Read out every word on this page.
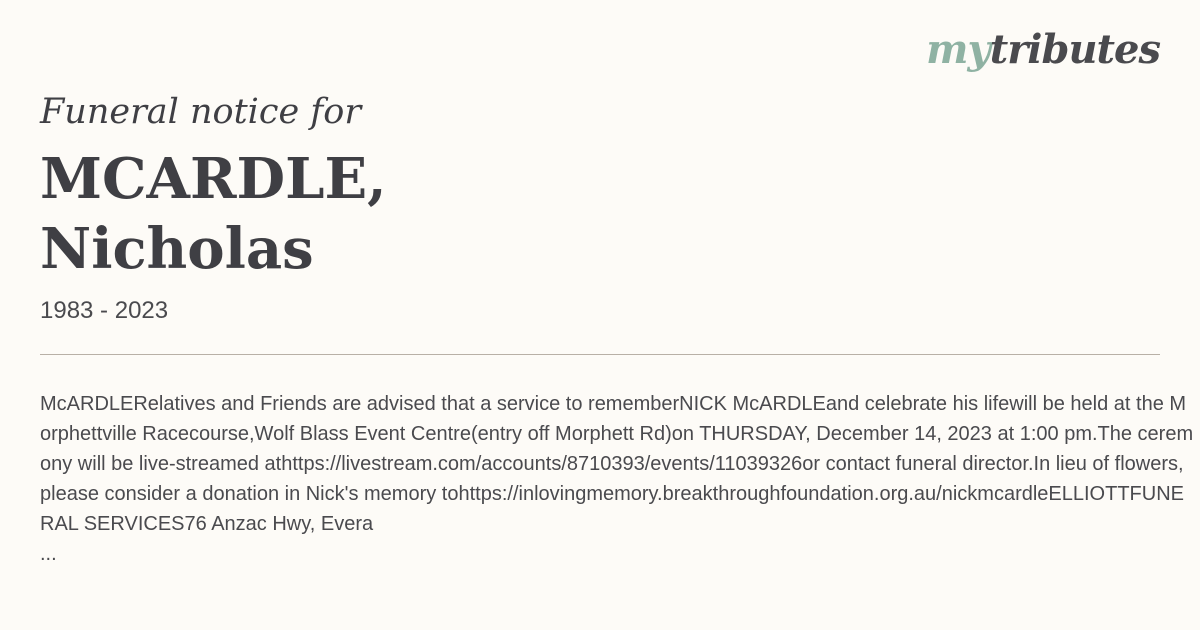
mytributes

Funeral notice for

MCARDLE,
Nicholas
1983 - 2023
McARDLERelatives and Friends are advised that a service to rememberNICK McARDLEand celebrate his lifewill be held at the Morphettville Racecourse,Wolf Blass Event Centre(entry off Morphett Rd)on THURSDAY, December 14, 2023 at 1:00 pm.The ceremony will be live-streamed athttps://livestream.com/accounts/8710393/events/11039326or contact funeral director.In lieu of flowers, please consider a donation in Nick's memory tohttps://inlovingmemory.breakthroughfoundation.org.au/nickmcardleELLIOTTFUNERAL SERVICES76 Anzac Hwy, Evera
...
